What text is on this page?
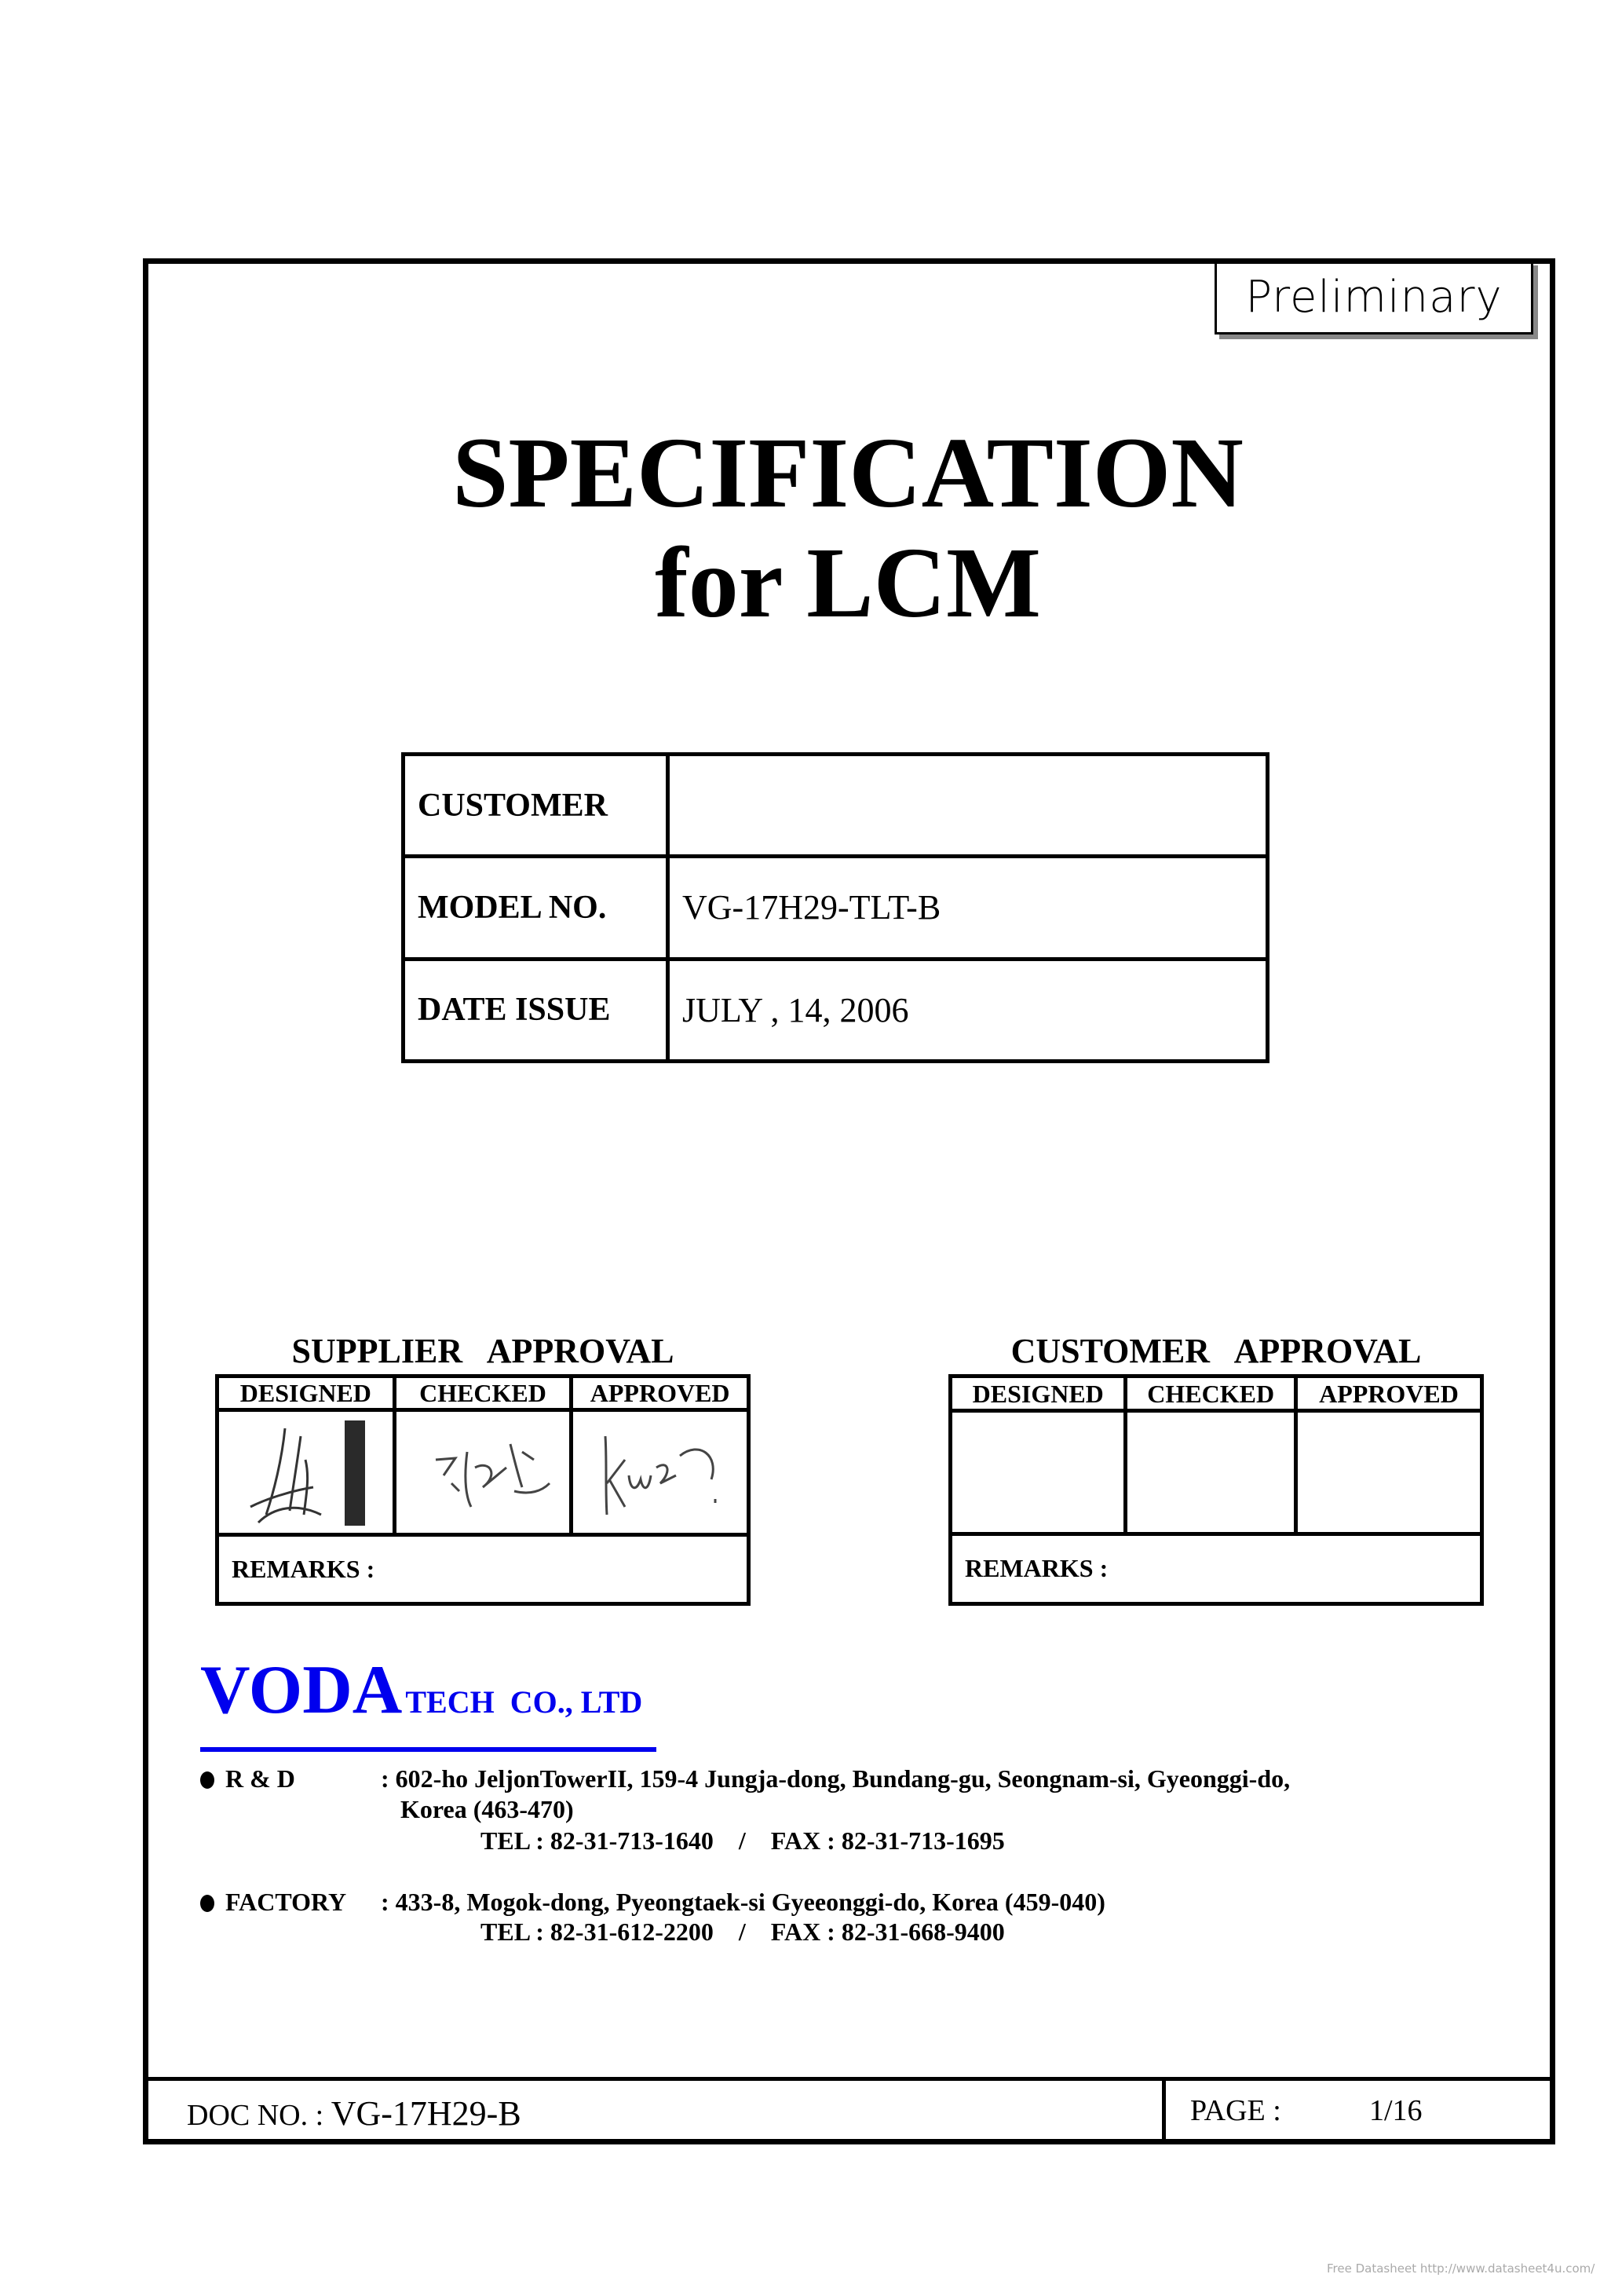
Preliminary
SPECIFICATION
for LCM
CUSTOMER	
MODEL NO.	VG-17H29-TLT-B
DATE ISSUE	JULY , 14, 2006
SUPPLIER APPROVAL
DESIGNED	CHECKED	APPROVED

REMARKS :		
CUSTOMER APPROVAL
DESIGNED	CHECKED	APPROVED

REMARKS :		
VODA TECH  CO., LTD
R & D	: 602-ho JeljonTowerII, 159-4 Jungja-dong, Bundang-gu, Seongnam-si, Gyeonggi-do,
Korea (463-470)
TEL : 82-31-713-1640    /    FAX : 82-31-713-1695
FACTORY : 433-8, Mogok-dong, Pyeongtaek-si Gyeeonggi-do, Korea (459-040)
TEL : 82-31-612-2200    /    FAX : 82-31-668-9400
DOC NO. : VG-17H29-B	PAGE :	1/16
Free Datasheet http://www.datasheet4u.com/
